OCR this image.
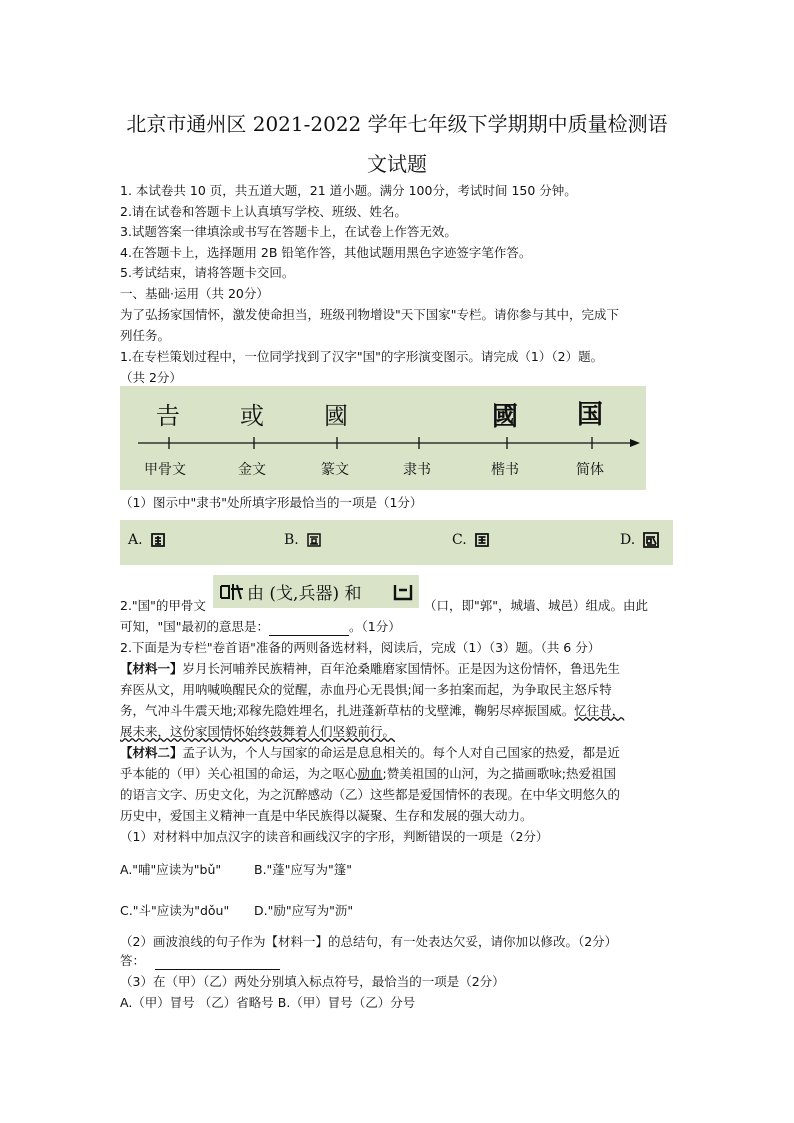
北京市通州区 2021-2022 学年七年级下学期期中质量检测语
文试题
1. 本试卷共 10 页，共五道大题，21 道小题。满分 100分，考试时间 150 分钟。
2.请在试卷和答题卡上认真填写学校、班级、姓名。
3.试题答案一律填涂或书写在答题卡上，在试卷上作答无效。
4.在答题卡上，选择题用 2B 铅笔作答，其他试题用黑色字迹签字笔作答。
5.考试结束，请将答题卡交回。
一、基础·运用（共 20分）
为了弘扬家国情怀，激发使命担当，班级刊物增设"天下国家"专栏。请你参与其中，完成下
列任务。
1.在专栏策划过程中，一位同学找到了汉字"国"的字形演变图示。请完成（1）（2）题。
（共 2分）
𠮷	或	國	國 国
甲骨文	金文	篆文	隶书	楷书	简体
（1）图示中"隶书"处所填字形最恰当的一项是（1分）
A.	B.	C.	D.
2."国"的甲骨文
由 (戈,兵器) 和
（口，即"郭"，城墙、城邑）组成。由此
可知，"国"最初的意思是：	。（1分）
2.下面是为专栏"卷首语"准备的两则备选材料，阅读后，完成（1）（3）题。（共 6 分）
【材料一】岁月长河哺养民族精神，百年沧桑雕磨家国情怀。正是因为这份情怀，鲁迅先生
弃医从文，用呐喊唤醒民众的觉醒，赤血丹心无畏惧;闻一多拍案而起，为争取民主怒斥特
务，气冲斗牛震天地;邓稼先隐姓埋名，扎进蓬新草枯的戈壁滩，鞠躬尽瘁振国威。忆往昔，
展未来，这份家国情怀始终鼓舞着人们坚毅前行。
【材料二】孟子认为，个人与国家的命运是息息相关的。每个人对自己国家的热爱，都是近
乎本能的（甲）关心祖国的命运，为之呕心励血;赞美祖国的山河，为之描画歌咏;热爱祖国
的语言文字、历史文化，为之沉醉感动（乙）这些都是爱国情怀的表现。在中华文明悠久的
历史中，爱国主义精神一直是中华民族得以凝聚、生存和发展的强大动力。
（1）对材料中加点汉字的读音和画线汉字的字形，判断错误的一项是（2分）
A."哺"应读为"bǔ"	B."蓬"应写为"篷"
C."斗"应读为"dǒu" D."励"应写为"沥"
（2）画波浪线的句子作为【材料一】的总结句，有一处表达欠妥，请你加以修改。（2分）
答：
（3）在（甲）（乙）两处分别填入标点符号，最恰当的一项是（2分）
A.（甲）冒号 （乙）省略号 B.（甲）冒号（乙）分号
